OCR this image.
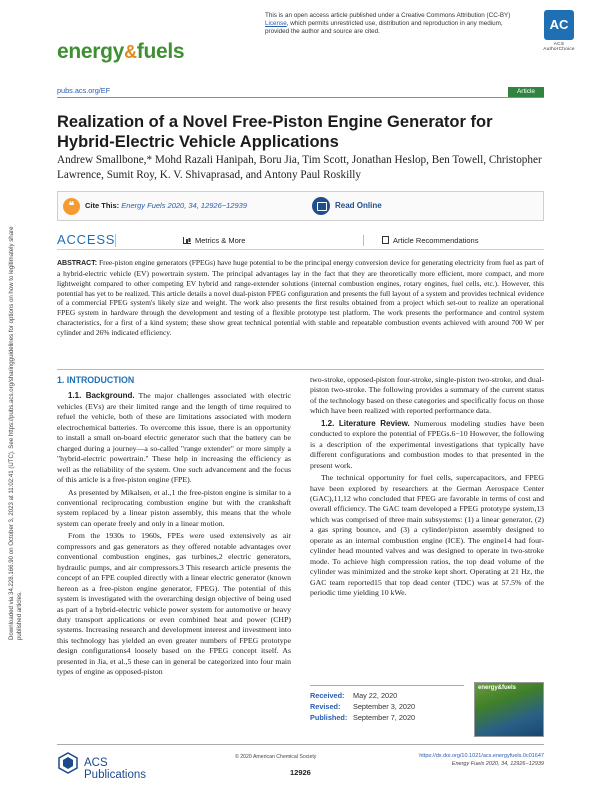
This is an open access article published under a Creative Commons Attribution (CC-BY) License, which permits unrestricted use, distribution and reproduction in any medium, provided the author and source are cited.	AC
ACS AuthorChoice
energy&fuels
pubs.acs.org/EF	Article
Realization of a Novel Free-Piston Engine Generator for Hybrid-Electric Vehicle Applications
Andrew Smallbone,* Mohd Razali Hanipah, Boru Jia, Tim Scott, Jonathan Heslop, Ben Towell, Christopher Lawrence, Sumit Roy, K. V. Shivaprasad, and Antony Paul Roskilly
❝	Cite This: Energy Fuels 2020, 34, 12926−12939	Read Online
ACCESS	Metrics & More	Article Recommendations
ABSTRACT: Free-piston engine generators (FPEGs) have huge potential to be the principal energy conversion device for generating electricity from fuel as part of a hybrid-electric vehicle (EV) powertrain system. The principal advantages lay in the fact that they are theoretically more efficient, more compact, and more lightweight compared to other competing EV hybrid and range-extender solutions (internal combustion engines, rotary engines, fuel cells, etc.). However, this potential has yet to be realized. This article details a novel dual-piston FPEG configuration and presents the full layout of a system and provides technical evidence of a commercial FPEG system's likely size and weight. The work also presents the first results obtained from a project which set-out to realize an operational FPEG system in hardware through the development and testing of a flexible prototype test platform. The work presents the performance and control system characteristics, for a first of a kind system; these show great technical potential with stable and repeatable combustion events achieved with around 700 W per cylinder and 26% indicated efficiency.
1. INTRODUCTION

1.1. Background. The major challenges associated with electric vehicles (EVs) are their limited range and the length of time required to refuel the vehicle, both of these are limitations associated with modern electrochemical batteries. To overcome this issue, there is an opportunity to install a small on-board electric generator such that the battery can be charged during a journey—a so-called "range extender" or more simply a "hybrid-electric powertrain." These help in increasing the efficiency as well as the reliability of the system. One such advancement and the focus of this article is a free-piston engine (FPE).

As presented by Mikalsen, et al.,1 the free-piston engine is similar to a conventional reciprocating combustion engine but with the crankshaft system replaced by a linear piston assembly, this means that the whole system can operate freely and only in a linear motion.

From the 1930s to 1960s, FPEs were used extensively as air compressors and gas generators as they offered notable advantages over conventional combustion engines, gas turbines,2 electric generators, hydraulic pumps, and air compressors.3 This research article presents the concept of an FPE coupled directly with a linear electric generator (known hereon as a free-piston engine generator, FPEG). The potential of this system is investigated with the overarching design objective of being used as part of a hybrid-electric vehicle power system for automotive or heavy duty transport applications or even combined heat and power (CHP) systems. Increasing research and development interest and investment into this technology has yielded an even greater numbers of FPEG prototype design configurations4 loosely based on the FPEG concept itself. As presented in Jia, et al.,5 these can in general be categorized into four main types of engine as opposed-piston

two-stroke, opposed-piston four-stroke, single-piston two-stroke, and dual-piston two-stroke. The following provides a summary of the current status of the technology based on these categories and specifically focus on those which have been realized with reported performance data.

1.2. Literature Review. Numerous modeling studies have been conducted to explore the potential of FPEGs.6−10 However, the following is a description of the experimental investigations that typically have different configurations and combustion modes to that presented in the present work.

The technical opportunity for fuel cells, supercapacitors, and FPEG have been explored by researchers at the German Aerospace Center (GAC),11,12 who concluded that FPEG are favorable in terms of cost and overall efficiency. The GAC team developed a FPEG prototype system,13 which was comprised of three main subsystems: (1) a linear generator, (2) a gas spring bounce, and (3) a cylinder/piston assembly designed to operate as an internal combustion engine (ICE). The engine14 had four-cylinder head mounted valves and was designed to operate in two-stroke mode. To achieve high compression ratios, the top dead volume of the cylinder was minimized and the stroke kept short. Operating at 21 Hz, the GAC team reported15 that top dead center (TDC) was at 57.5% of the periodic time yielding 10 kWe.

Received: May 22, 2020
Revised: September 3, 2020
Published: September 7, 2020
energy&fuels
ACS Publications
© 2020 American Chemical Society
12926
https://dx.doi.org/10.1021/acs.energyfuels.0c01647
Energy Fuels 2020, 34, 12926−12939
Downloaded via 34.228.166.90 on October 3, 2023 at 11:02:41 (UTC). See https://pubs.acs.org/sharingguidelines for options on how to legitimately share published articles.
